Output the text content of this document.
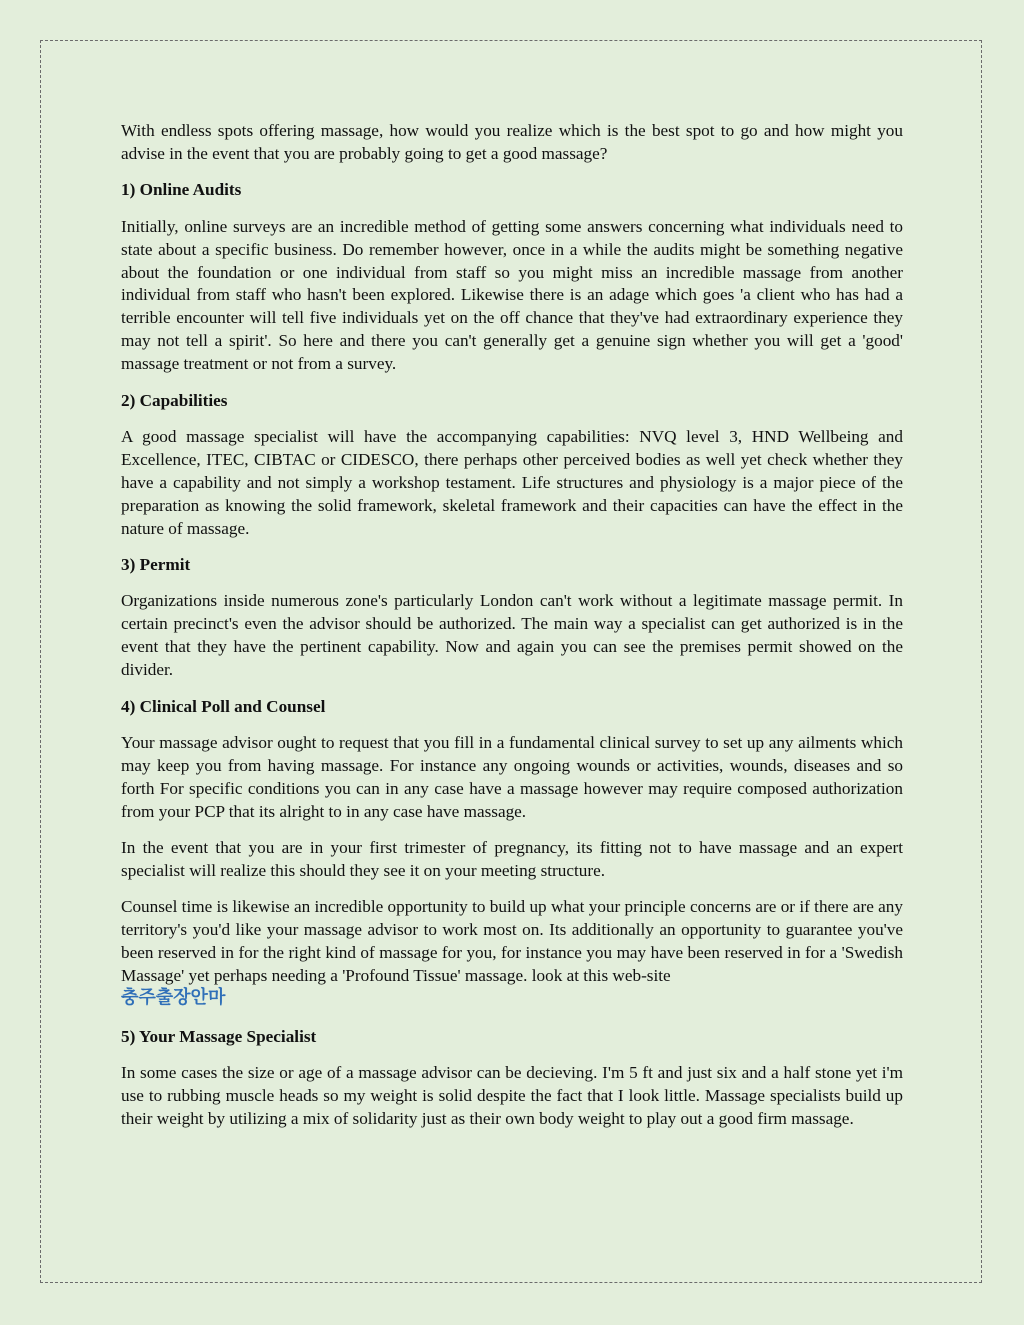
With endless spots offering massage, how would you realize which is the best spot to go and how might you advise in the event that you are probably going to get a good massage?

1) Online Audits

Initially, online surveys are an incredible method of getting some answers concerning what individuals need to state about a specific business. Do remember however, once in a while the audits might be something negative about the foundation or one individual from staff so you might miss an incredible massage from another individual from staff who hasn't been explored. Likewise there is an adage which goes 'a client who has had a terrible encounter will tell five individuals yet on the off chance that they've had extraordinary experience they may not tell a spirit'. So here and there you can't generally get a genuine sign whether you will get a 'good' massage treatment or not from a survey.

2) Capabilities

A good massage specialist will have the accompanying capabilities: NVQ level 3, HND Wellbeing and Excellence, ITEC, CIBTAC or CIDESCO, there perhaps other perceived bodies as well yet check whether they have a capability and not simply a workshop testament. Life structures and physiology is a major piece of the preparation as knowing the solid framework, skeletal framework and their capacities can have the effect in the nature of massage.

3) Permit

Organizations inside numerous zone's particularly London can't work without a legitimate massage permit. In certain precinct's even the advisor should be authorized. The main way a specialist can get authorized is in the event that they have the pertinent capability. Now and again you can see the premises permit showed on the divider.

4) Clinical Poll and Counsel

Your massage advisor ought to request that you fill in a fundamental clinical survey to set up any ailments which may keep you from having massage. For instance any ongoing wounds or activities, wounds, diseases and so forth For specific conditions you can in any case have a massage however may require composed authorization from your PCP that its alright to in any case have massage.

In the event that you are in your first trimester of pregnancy, its fitting not to have massage and an expert specialist will realize this should they see it on your meeting structure.

Counsel time is likewise an incredible opportunity to build up what your principle concerns are or if there are any territory's you'd like your massage advisor to work most on. Its additionally an opportunity to guarantee you've been reserved in for the right kind of massage for you, for instance you may have been reserved in for a 'Swedish Massage' yet perhaps needing a 'Profound Tissue' massage. look at this web-site

충주출장안마
5) Your Massage Specialist

In some cases the size or age of a massage advisor can be decieving. I'm 5 ft and just six and a half stone yet i'm use to rubbing muscle heads so my weight is solid despite the fact that I look little. Massage specialists build up their weight by utilizing a mix of solidarity just as their own body weight to play out a good firm massage.
